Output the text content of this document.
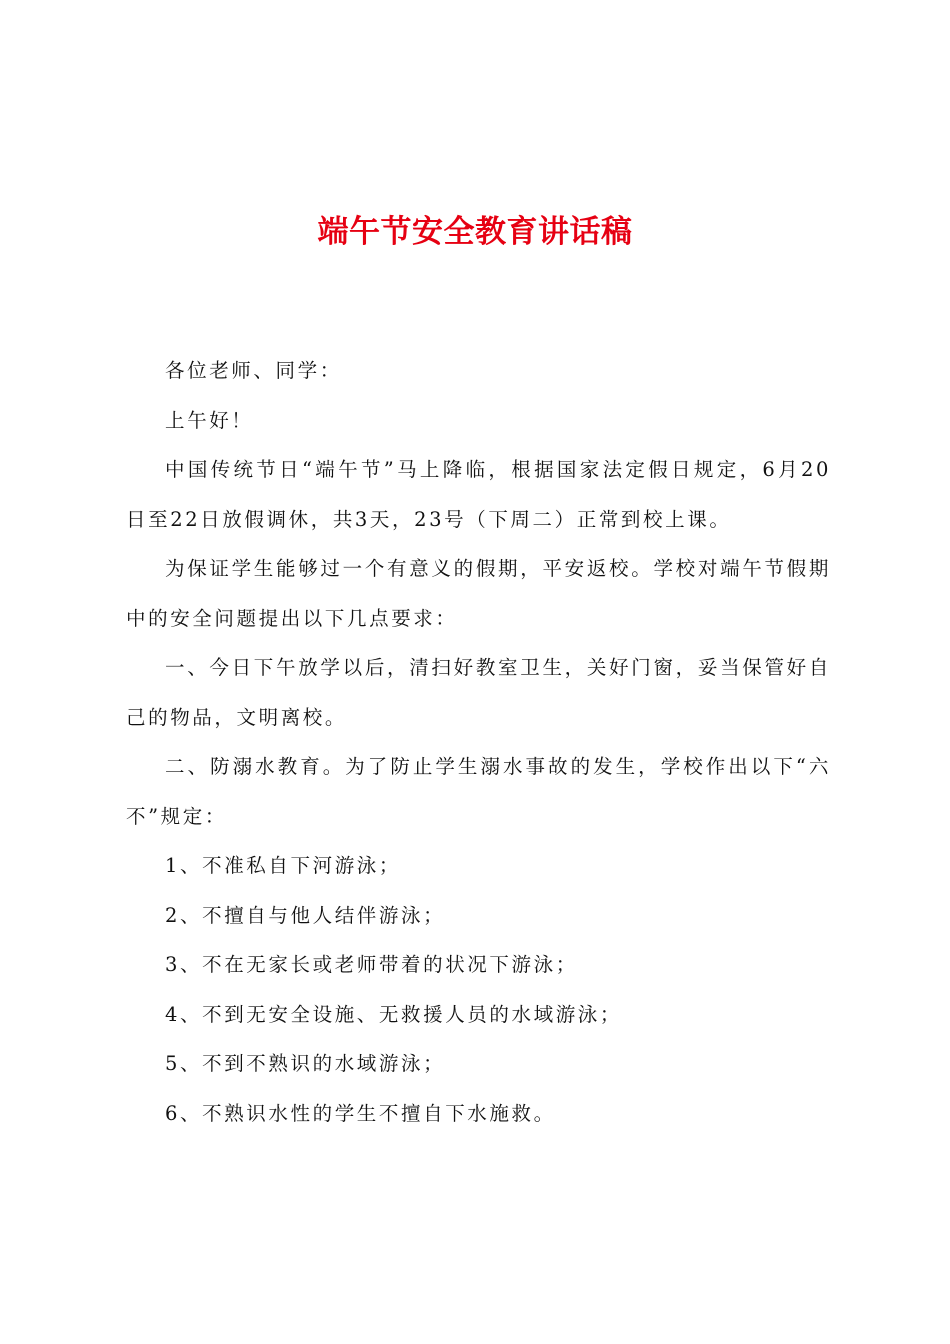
端午节安全教育讲话稿

各位老师、同学：

上午好！

中国传统节日“端午节”马上降临，根据国家法定假日规定，6月20日至22日放假调休，共3天，23号（下周二）正常到校上课。

为保证学生能够过一个有意义的假期，平安返校。学校对端午节假期中的安全问题提出以下几点要求：

一、今日下午放学以后，清扫好教室卫生，关好门窗，妥当保管好自己的物品，文明离校。

二、防溺水教育。为了防止学生溺水事故的发生，学校作出以下“六不”规定：

1、不准私自下河游泳；

2、不擅自与他人结伴游泳；

3、不在无家长或老师带着的状况下游泳；

4、不到无安全设施、无救援人员的水域游泳；

5、不到不熟识的水域游泳；

6、不熟识水性的学生不擅自下水施救。
